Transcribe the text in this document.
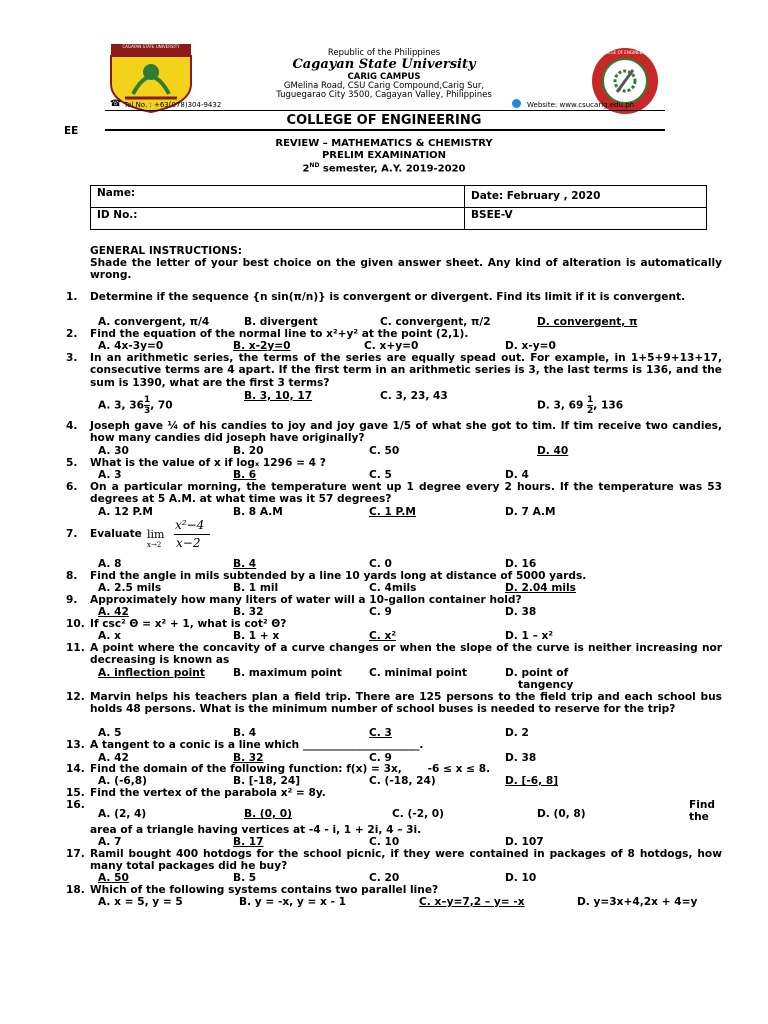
CAGAYAN STATE UNIVERSITY
COLLEGE OF ENGINEERING
Republic of the Philippines
Cagayan State University
CARIG CAMPUS
GMelina Road, CSU Carig Compound,Carig Sur,
Tuguegarao City 3500, Cagayan Valley, Philippines
☎ Tel No. : +63(078)304-9432	Website: www.csucarig.edu.ph
EE
COLLEGE OF ENGINEERING
REVIEW – MATHEMATICS & CHEMISTRY
PRELIM EXAMINATION
2ND semester, A.Y. 2019-2020
Name:	Date: February , 2020
ID No.:	BSEE-V
GENERAL INSTRUCTIONS:
Shade the letter of your best choice on the given answer sheet. Any kind of alteration is automatically wrong.
1.	Determine if the sequence {n sin(π/n)} is convergent or divergent. Find its limit if it is convergent.
A. convergent, π/4	B. divergent	C. convergent, π/2	D. convergent, π
2.	Find the equation of the normal line to x²+y² at the point (2,1).
A. 4x-3y=0	B. x-2y=0	C. x+y=0	D. x-y=0
3.	In an arithmetic series, the terms of the series are equally spead out. For example, in 1+5+9+13+17, consecutive terms are 4 apart. If the first term in an arithmetic series is 3, the last terms is 136, and the sum is 1390, what are the first 3 terms?
A. 3, $36 \frac{1}{3}$ , 70
B. 3, 10, 17	C. 3, 23, 43
D. 3, $69 \frac{1}{2}$ , 136
4.	Joseph gave ¼ of his candies to joy and joy gave 1/5 of what she got to tim. If tim receive two candies, how many candies did joseph have originally?
A. 30	B. 20	C. 50	D. 40
5.	What is the value of x if logₓ 1296 = 4 ?
A. 3	B. 6	C. 5	D. 4
6.	On a particular morning, the temperature went up 1 degree every 2 hours. If the temperature was 53 degrees at 5 A.M. at what time was it 57 degrees?
A. 12 P.M	B. 8 A.M	C. 1 P.M	D. 7 A.M
7.	Evaluate lim
x→2
x²−4
x−2
A. 8	B. 4	C. 0	D. 16
8.	Find the angle in mils subtended by a line 10 yards long at distance of 5000 yards.
A. 2.5 mils	B. 1 mil	C. 4mils	D. 2.04 mils
9.	Approximately how many liters of water will a 10-gallon container hold?
A. 42	B. 32	C. 9	D. 38
10. If csc² Θ = x² + 1, what is cot² Θ?
A. x	B. 1 + x	C. x²	D. 1 – x²
11. A point where the concavity of a curve changes or when the slope of the curve is neither increasing nor decreasing is known as
A. inflection point	B. maximum point	C. minimal point	D. point of
tangency
12. Marvin helps his teachers plan a field trip. There are 125 persons to the field trip and each school bus holds 48 persons. What is the minimum number of school buses is needed to reserve for the trip?
A. 5	B. 4	C. 3	D. 2
13. A tangent to a conic is a line which ______________________.
A. 42	B. 32	C. 9	D. 38
14. Find the domain of the following function: f(x) = 3x,       -6 ≤ x ≤ 8.
A. (-6,8)	B. [-18, 24]	C. (-18, 24)	D. [-6, 8]
15. Find the vertex of the parabola x² = 8y.
16.
A. (2, 4)	B. (0, 0)	C. (-2, 0)	D. (0, 8)
Find
the
area of a triangle having vertices at -4 - i, 1 + 2i, 4 – 3i.
A. 7	B. 17	C. 10	D. 107
17. Ramil bought 400 hotdogs for the school picnic, if they were contained in packages of 8 hotdogs, how many total packages did he buy?
A. 50	B. 5	C. 20	D. 10
18. Which of the following systems contains two parallel line?
A. x = 5, y = 5	B. y = -x, y = x - 1	C. x–y=7,2 – y= -x	D. y=3x+4,2x + 4=y
